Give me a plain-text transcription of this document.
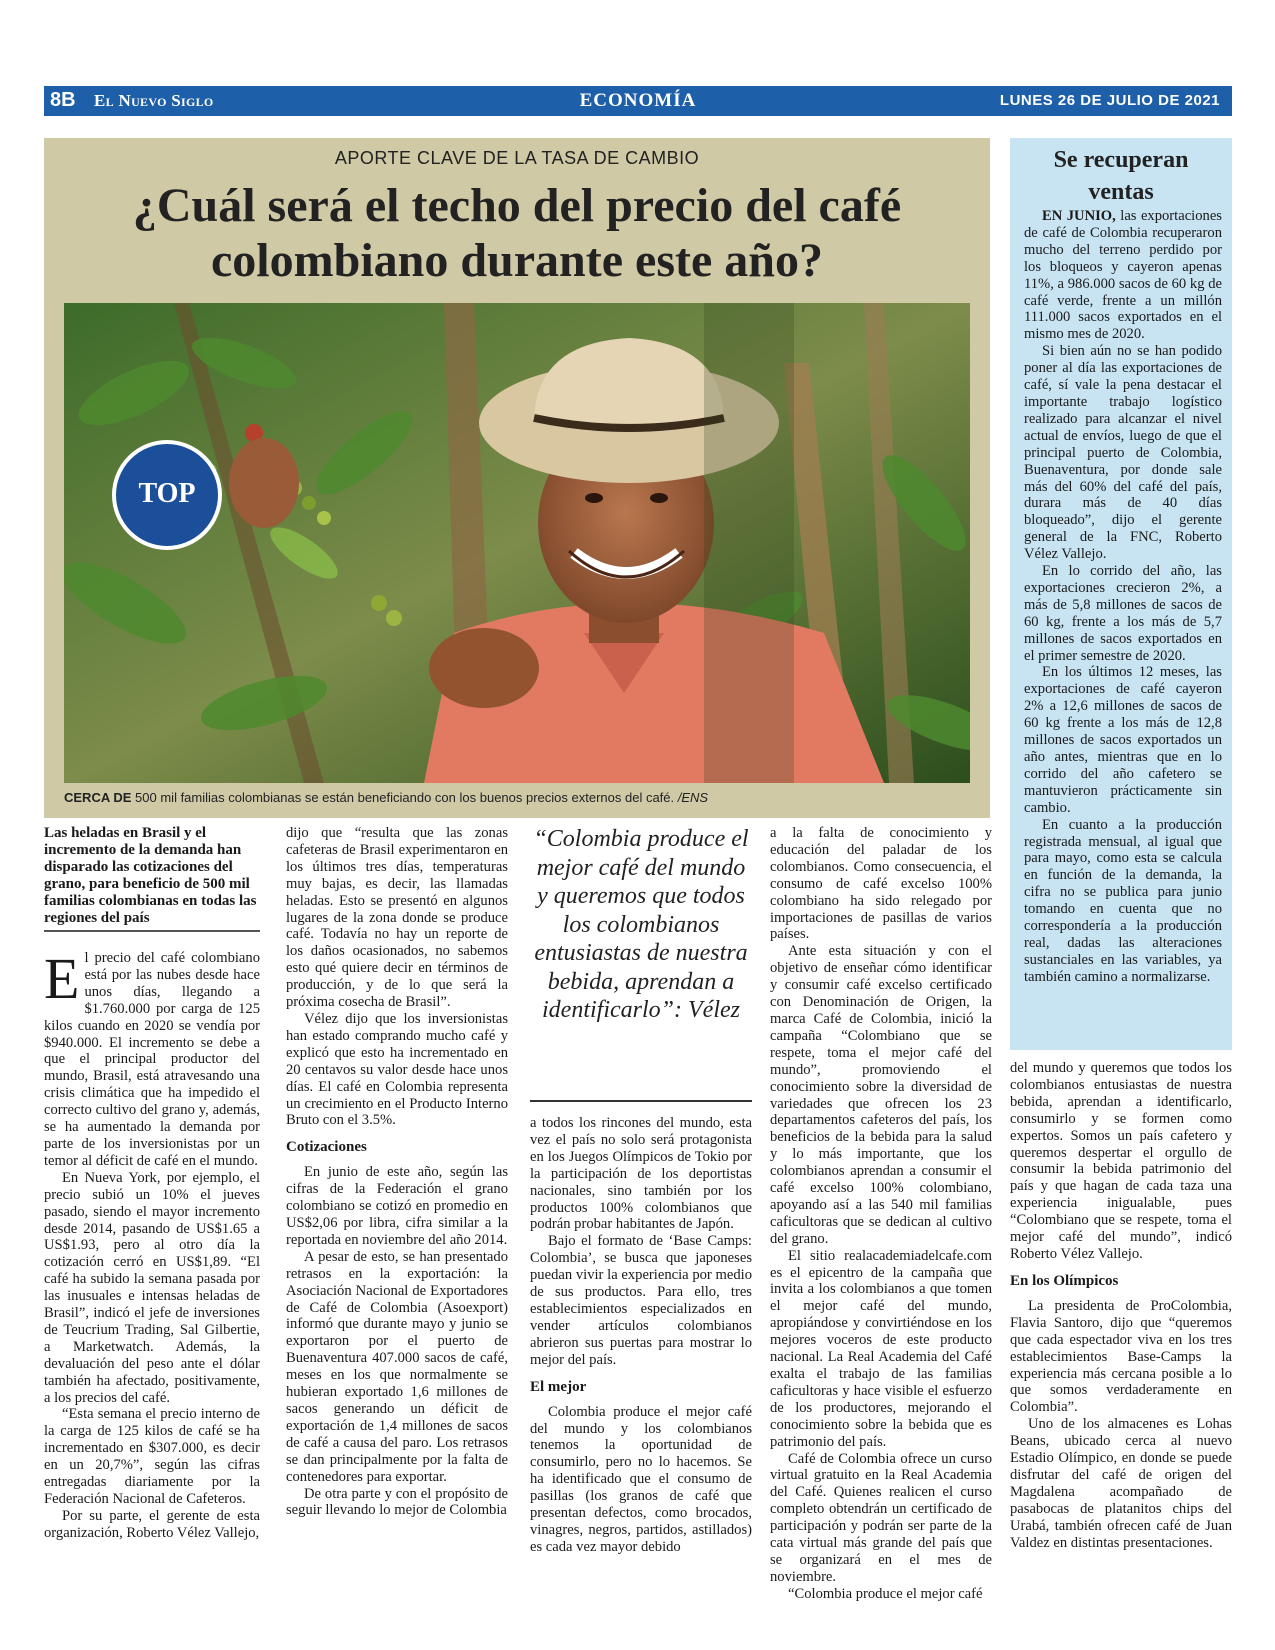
8B El Nuevo Siglo	ECONOMÍA	LUNES 26 DE JULIO DE 2021
APORTE CLAVE DE LA TASA DE CAMBIO
¿Cuál será el techo del precio del café
colombiano durante este año?
CERCA DE 500 mil familias colombianas se están beneficiando con los buenos precios externos del café. /ENS
TOP
Se recuperan ventas

EN JUNIO, las exportaciones de café de Colombia recuperaron mucho del terreno perdido por los bloqueos y cayeron apenas 11%, a 986.000 sacos de 60 kg de café verde, frente a un millón 111.000 sacos exportados en el mismo mes de 2020.

Si bien aún no se han podido poner al día las exportaciones de café, sí vale la pena destacar el importante trabajo logístico realizado para alcanzar el nivel actual de envíos, luego de que el principal puerto de Colombia, Buenaventura, por donde sale más del 60% del café del país, durara más de 40 días bloqueado”, dijo el gerente general de la FNC, Roberto Vélez Vallejo.

En lo corrido del año, las exportaciones crecieron 2%, a más de 5,8 millones de sacos de 60 kg, frente a los más de 5,7 millones de sacos exportados en el primer semestre de 2020.

En los últimos 12 meses, las exportaciones de café cayeron 2% a 12,6 millones de sacos de 60 kg frente a los más de 12,8 millones de sacos exportados un año antes, mientras que en lo corrido del año cafetero se mantuvieron prácticamente sin cambio.

En cuanto a la producción registrada mensual, al igual que para mayo, como esta se calcula en función de la demanda, la cifra no se publica para junio tomando en cuenta que no correspondería a la producción real, dadas las alteraciones sustanciales en las variables, ya también camino a normalizarse.

Las heladas en Brasil y el incremento de la demanda han disparado las cotizaciones del grano, para beneficio de 500 mil familias colombianas en todas las regiones del país

El precio del café colombiano está por las nubes desde hace unos días, llegando a $1.760.000 por carga de 125 kilos cuando en 2020 se vendía por $940.000. El incremento se debe a que el principal productor del mundo, Brasil, está atravesando una crisis climática que ha impedido el correcto cultivo del grano y, además, se ha aumentado la demanda por parte de los inversionistas por un temor al déficit de café en el mundo.

En Nueva York, por ejemplo, el precio subió un 10% el jueves pasado, siendo el mayor incremento desde 2014, pasando de US$1.65 a US$1.93, pero al otro día la cotización cerró en US$1,89. “El café ha subido la semana pasada por las inusuales e intensas heladas de Brasil”, indicó el jefe de inversiones de Teucrium Trading, Sal Gilbertie, a Marketwatch. Además, la devaluación del peso ante el dólar también ha afectado, positivamente, a los precios del café.

“Esta semana el precio interno de la carga de 125 kilos de café se ha incrementado en $307.000, es decir en un 20,7%”, según las cifras entregadas diariamente por la Federación Nacional de Cafeteros.

Por su parte, el gerente de esta organización, Roberto Vélez Vallejo,

dijo que “resulta que las zonas cafeteras de Brasil experimentaron en los últimos tres días, temperaturas muy bajas, es decir, las llamadas heladas. Esto se presentó en algunos lugares de la zona donde se produce café. Todavía no hay un reporte de los daños ocasionados, no sabemos esto qué quiere decir en términos de producción, y de lo que será la próxima cosecha de Brasil”.

Vélez dijo que los inversionistas han estado comprando mucho café y explicó que esto ha incrementado en 20 centavos su valor desde hace unos días. El café en Colombia representa un crecimiento en el Producto Interno Bruto con el 3.5%.

Cotizaciones

En junio de este año, según las cifras de la Federación el grano colombiano se cotizó en promedio en US$2,06 por libra, cifra similar a la reportada en noviembre del año 2014.

A pesar de esto, se han presentado retrasos en la exportación: la Asociación Nacional de Exportadores de Café de Colombia (Asoexport) informó que durante mayo y junio se exportaron por el puerto de Buenaventura 407.000 sacos de café, meses en los que normalmente se hubieran exportado 1,6 millones de sacos generando un déficit de exportación de 1,4 millones de sacos de café a causa del paro. Los retrasos se dan principalmente por la falta de contenedores para exportar.

De otra parte y con el propósito de seguir llevando lo mejor de Colombia

“Colombia produce el mejor café del mundo y queremos que todos los colombianos entusiastas de nuestra bebida, aprendan a identificarlo”: Vélez

a todos los rincones del mundo, esta vez el país no solo será protagonista en los Juegos Olímpicos de Tokio por la participación de los deportistas nacionales, sino también por los productos 100% colombianos que podrán probar habitantes de Japón.

Bajo el formato de ‘Base Camps: Colombia’, se busca que japoneses puedan vivir la experiencia por medio de sus productos. Para ello, tres establecimientos especializados en vender artículos colombianos abrieron sus puertas para mostrar lo mejor del país.

El mejor

Colombia produce el mejor café del mundo y los colombianos tenemos la oportunidad de consumirlo, pero no lo hacemos. Se ha identificado que el consumo de pasillas (los granos de café que presentan defectos, como brocados, vinagres, negros, partidos, astillados) es cada vez mayor debido

a la falta de conocimiento y educación del paladar de los colombianos. Como consecuencia, el consumo de café excelso 100% colombiano ha sido relegado por importaciones de pasillas de varios países.

Ante esta situación y con el objetivo de enseñar cómo identificar y consumir café excelso certificado con Denominación de Origen, la marca Café de Colombia, inició la campaña “Colombiano que se respete, toma el mejor café del mundo”, promoviendo el conocimiento sobre la diversidad de variedades que ofrecen los 23 departamentos cafeteros del país, los beneficios de la bebida para la salud y lo más importante, que los colombianos aprendan a consumir el café excelso 100% colombiano, apoyando así a las 540 mil familias caficultoras que se dedican al cultivo del grano.

El sitio realacademiadelcafe.com es el epicentro de la campaña que invita a los colombianos a que tomen el mejor café del mundo, apropiándose y convirtiéndose en los mejores voceros de este producto nacional. La Real Academia del Café exalta el trabajo de las familias caficultoras y hace visible el esfuerzo de los productores, mejorando el conocimiento sobre la bebida que es patrimonio del país.

Café de Colombia ofrece un curso virtual gratuito en la Real Academia del Café. Quienes realicen el curso completo obtendrán un certificado de participación y podrán ser parte de la cata virtual más grande del país que se organizará en el mes de noviembre.

“Colombia produce el mejor café

del mundo y queremos que todos los colombianos entusiastas de nuestra bebida, aprendan a identificarlo, consumirlo y se formen como expertos. Somos un país cafetero y queremos despertar el orgullo de consumir la bebida patrimonio del país y que hagan de cada taza una experiencia inigualable, pues “Colombiano que se respete, toma el mejor café del mundo”, indicó Roberto Vélez Vallejo.

En los Olímpicos

La presidenta de ProColombia, Flavia Santoro, dijo que “queremos que cada espectador viva en los tres establecimientos Base-Camps la experiencia más cercana posible a lo que somos verdaderamente en Colombia”.

Uno de los almacenes es Lohas Beans, ubicado cerca al nuevo Estadio Olímpico, en donde se puede disfrutar del café de origen del Magdalena acompañado de pasabocas de platanitos chips del Urabá, también ofrecen café de Juan Valdez en distintas presentaciones.
